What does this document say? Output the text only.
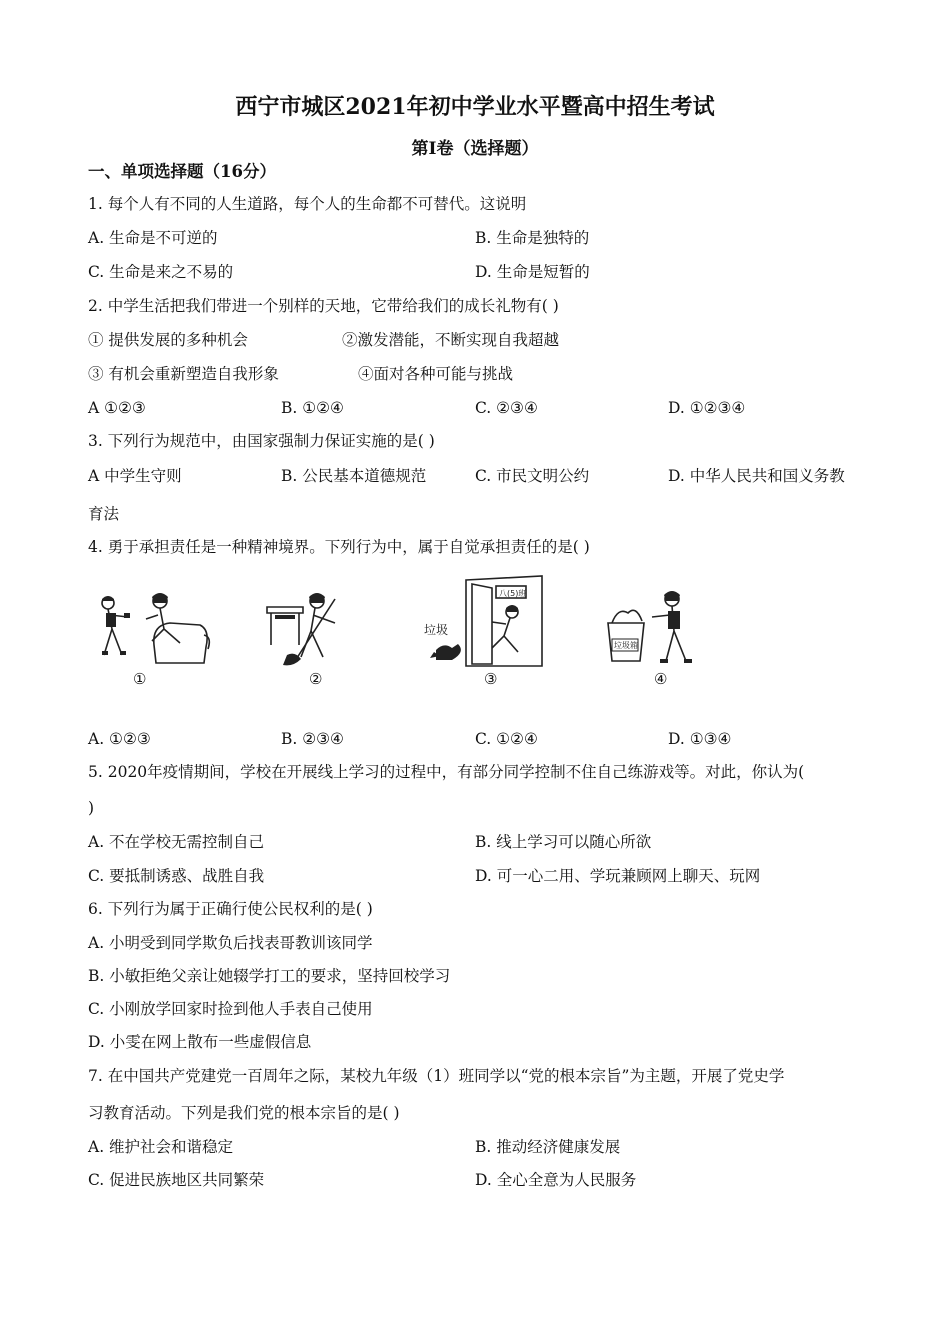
西宁市城区2021年初中学业水平暨高中招生考试
第I卷（选择题）
一、单项选择题（16分）
1. 每个人有不同的人生道路，每个人的生命都不可替代。这说明
A. 生命是不可逆的	B. 生命是独特的
C. 生命是来之不易的	D. 生命是短暂的
2. 中学生活把我们带进一个别样的天地，它带给我们的成长礼物有( )
① 提供发展的多种机会	②激发潜能，不断实现自我超越
③ 有机会重新塑造自我形象	④面对各种可能与挑战
A ①②③	B. ①②④	C. ②③④	D. ①②③④
3. 下列行为规范中，由国家强制力保证实施的是( )
A 中学生守则	B. 公民基本道德规范	C. 市民文明公约	D. 中华人民共和国义务教
育法
4. 勇于承担责任是一种精神境界。下列行为中，属于自觉承担责任的是( )
①	②
垃圾
八(5)班
③
垃圾箱
④
A. ①②③	B. ②③④	C. ①②④	D. ①③④
5. 2020年疫情期间，学校在开展线上学习的过程中，有部分同学控制不住自己练游戏等。对此，你认为(
)
A. 不在学校无需控制自己	B. 线上学习可以随心所欲
C. 要抵制诱惑、战胜自我	D. 可一心二用、学玩兼顾网上聊天、玩网
6. 下列行为属于正确行使公民权利的是( )
A. 小明受到同学欺负后找表哥教训该同学
B. 小敏拒绝父亲让她辍学打工的要求，坚持回校学习
C. 小刚放学回家时捡到他人手表自己使用
D. 小雯在网上散布一些虚假信息
7. 在中国共产党建党一百周年之际，某校九年级（1）班同学以“党的根本宗旨”为主题，开展了党史学
习教育活动。下列是我们党的根本宗旨的是( )
A. 维护社会和谐稳定	B. 推动经济健康发展
C. 促进民族地区共同繁荣	D. 全心全意为人民服务
